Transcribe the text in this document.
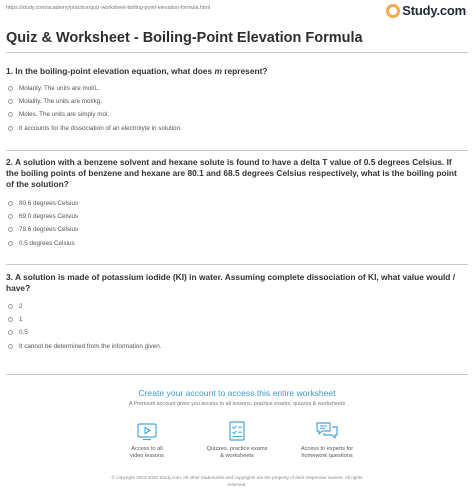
https://study.com/academy/practice/quiz-worksheet-boiling-point-elevation-formula.html	Study.com
Quiz & Worksheet - Boiling-Point Elevation Formula
1. In the boiling-point elevation equation, what does m represent?
Molarity. The units are mol/L.
Molality. The units are mol/kg.
Moles. The units are simply mol.
It accounts for the dissociation of an electrolyte in solution.
2. A solution with a benzene solvent and hexane solute is found to have a delta T value of 0.5 degrees Celsius. If the boiling points of benzene and hexane are 80.1 and 68.5 degrees Celsius respectively, what is the boiling point of the solution?
80.6 degrees Celsius
69.0 degrees Celsius
79.6 degrees Celsius
0.5 degrees Celsius
3. A solution is made of potassium iodide (KI) in water. Assuming complete dissociation of KI, what value would / have?
2
1
0.5
It cannot be determined from the information given.
Create your account to access this entire worksheet
A Premium account gives you access to all lessons, practice exams, quizzes & worksheets
Access to all
video lessons
Quizzes, practice exams
& worksheets
Access to experts for
homework questions
© copyright 2003-2020 Study.com. All other trademarks and copyrights are the property of their respective owners. All rights
reserved.
